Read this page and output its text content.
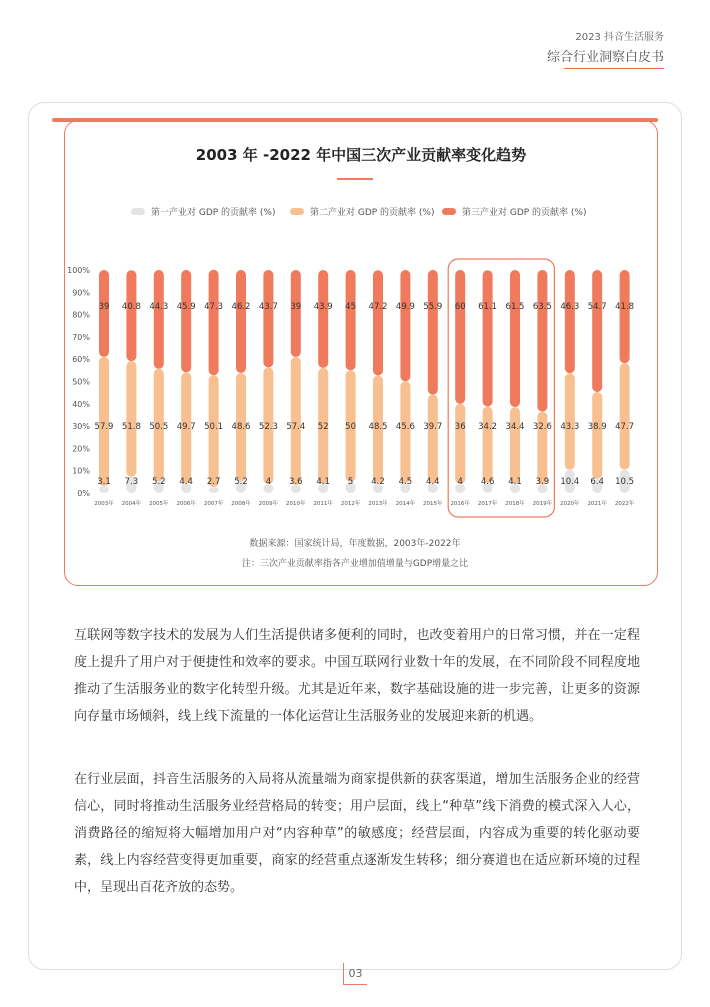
2023 抖音生活服务
综合行业洞察白皮书
2003 年 -2022 年中国三次产业贡献率变化趋势
第一产业对 GDP 的贡献率 (%)	第二产业对 GDP 的贡献率 (%)	第三产业对 GDP 的贡献率 (%)
0%
10%
20%
30%
40%
50%
60%
70%
80%
90%
100%
3.1
57.9
39
2003年
7.3
51.8
40.8
2004年
5.2
50.5
44.3
2005年
4.4
49.7
45.9
2006年
2.7
50.1
47.3
2007年
5.2
48.6
46.2
2008年
4
52.3
43.7
2009年
3.6
57.4
39
2010年
4.1
52
43.9
2011年
5
50
45
2012年
4.2
48.5
47.2
2013年
4.5
45.6
49.9
2014年
4.4
39.7
55.9
2015年
4
36
60
2016年
4.6
34.2
61.1
2017年
4.1
34.4
61.5
2018年
3.9
32.6
63.5
2019年
10.4
43.3
46.3
2020年
6.4
38.9
54.7
2021年
10.5
47.7
41.8
2022年
数据来源：国家统计局，年度数据，2003年-2022年
注：三次产业贡献率指各产业增加值增量与GDP增量之比
互联网等数字技术的发展为人们生活提供诸多便利的同时，也改变着用户的日常习惯，并在一定程度上提升了用户对于便捷性和效率的要求。中国互联网行业数十年的发展，在不同阶段不同程度地推动了生活服务业的数字化转型升级。尤其是近年来，数字基础设施的进一步完善，让更多的资源向存量市场倾斜，线上线下流量的一体化运营让生活服务业的发展迎来新的机遇。
在行业层面，抖音生活服务的入局将从流量端为商家提供新的获客渠道，增加生活服务企业的经营信心，同时将推动生活服务业经营格局的转变；用户层面，线上“种草”线下消费的模式深入人心，消费路径的缩短将大幅增加用户对“内容种草”的敏感度；经营层面，内容成为重要的转化驱动要素，线上内容经营变得更加重要，商家的经营重点逐渐发生转移；细分赛道也在适应新环境的过程中，呈现出百花齐放的态势。
03
